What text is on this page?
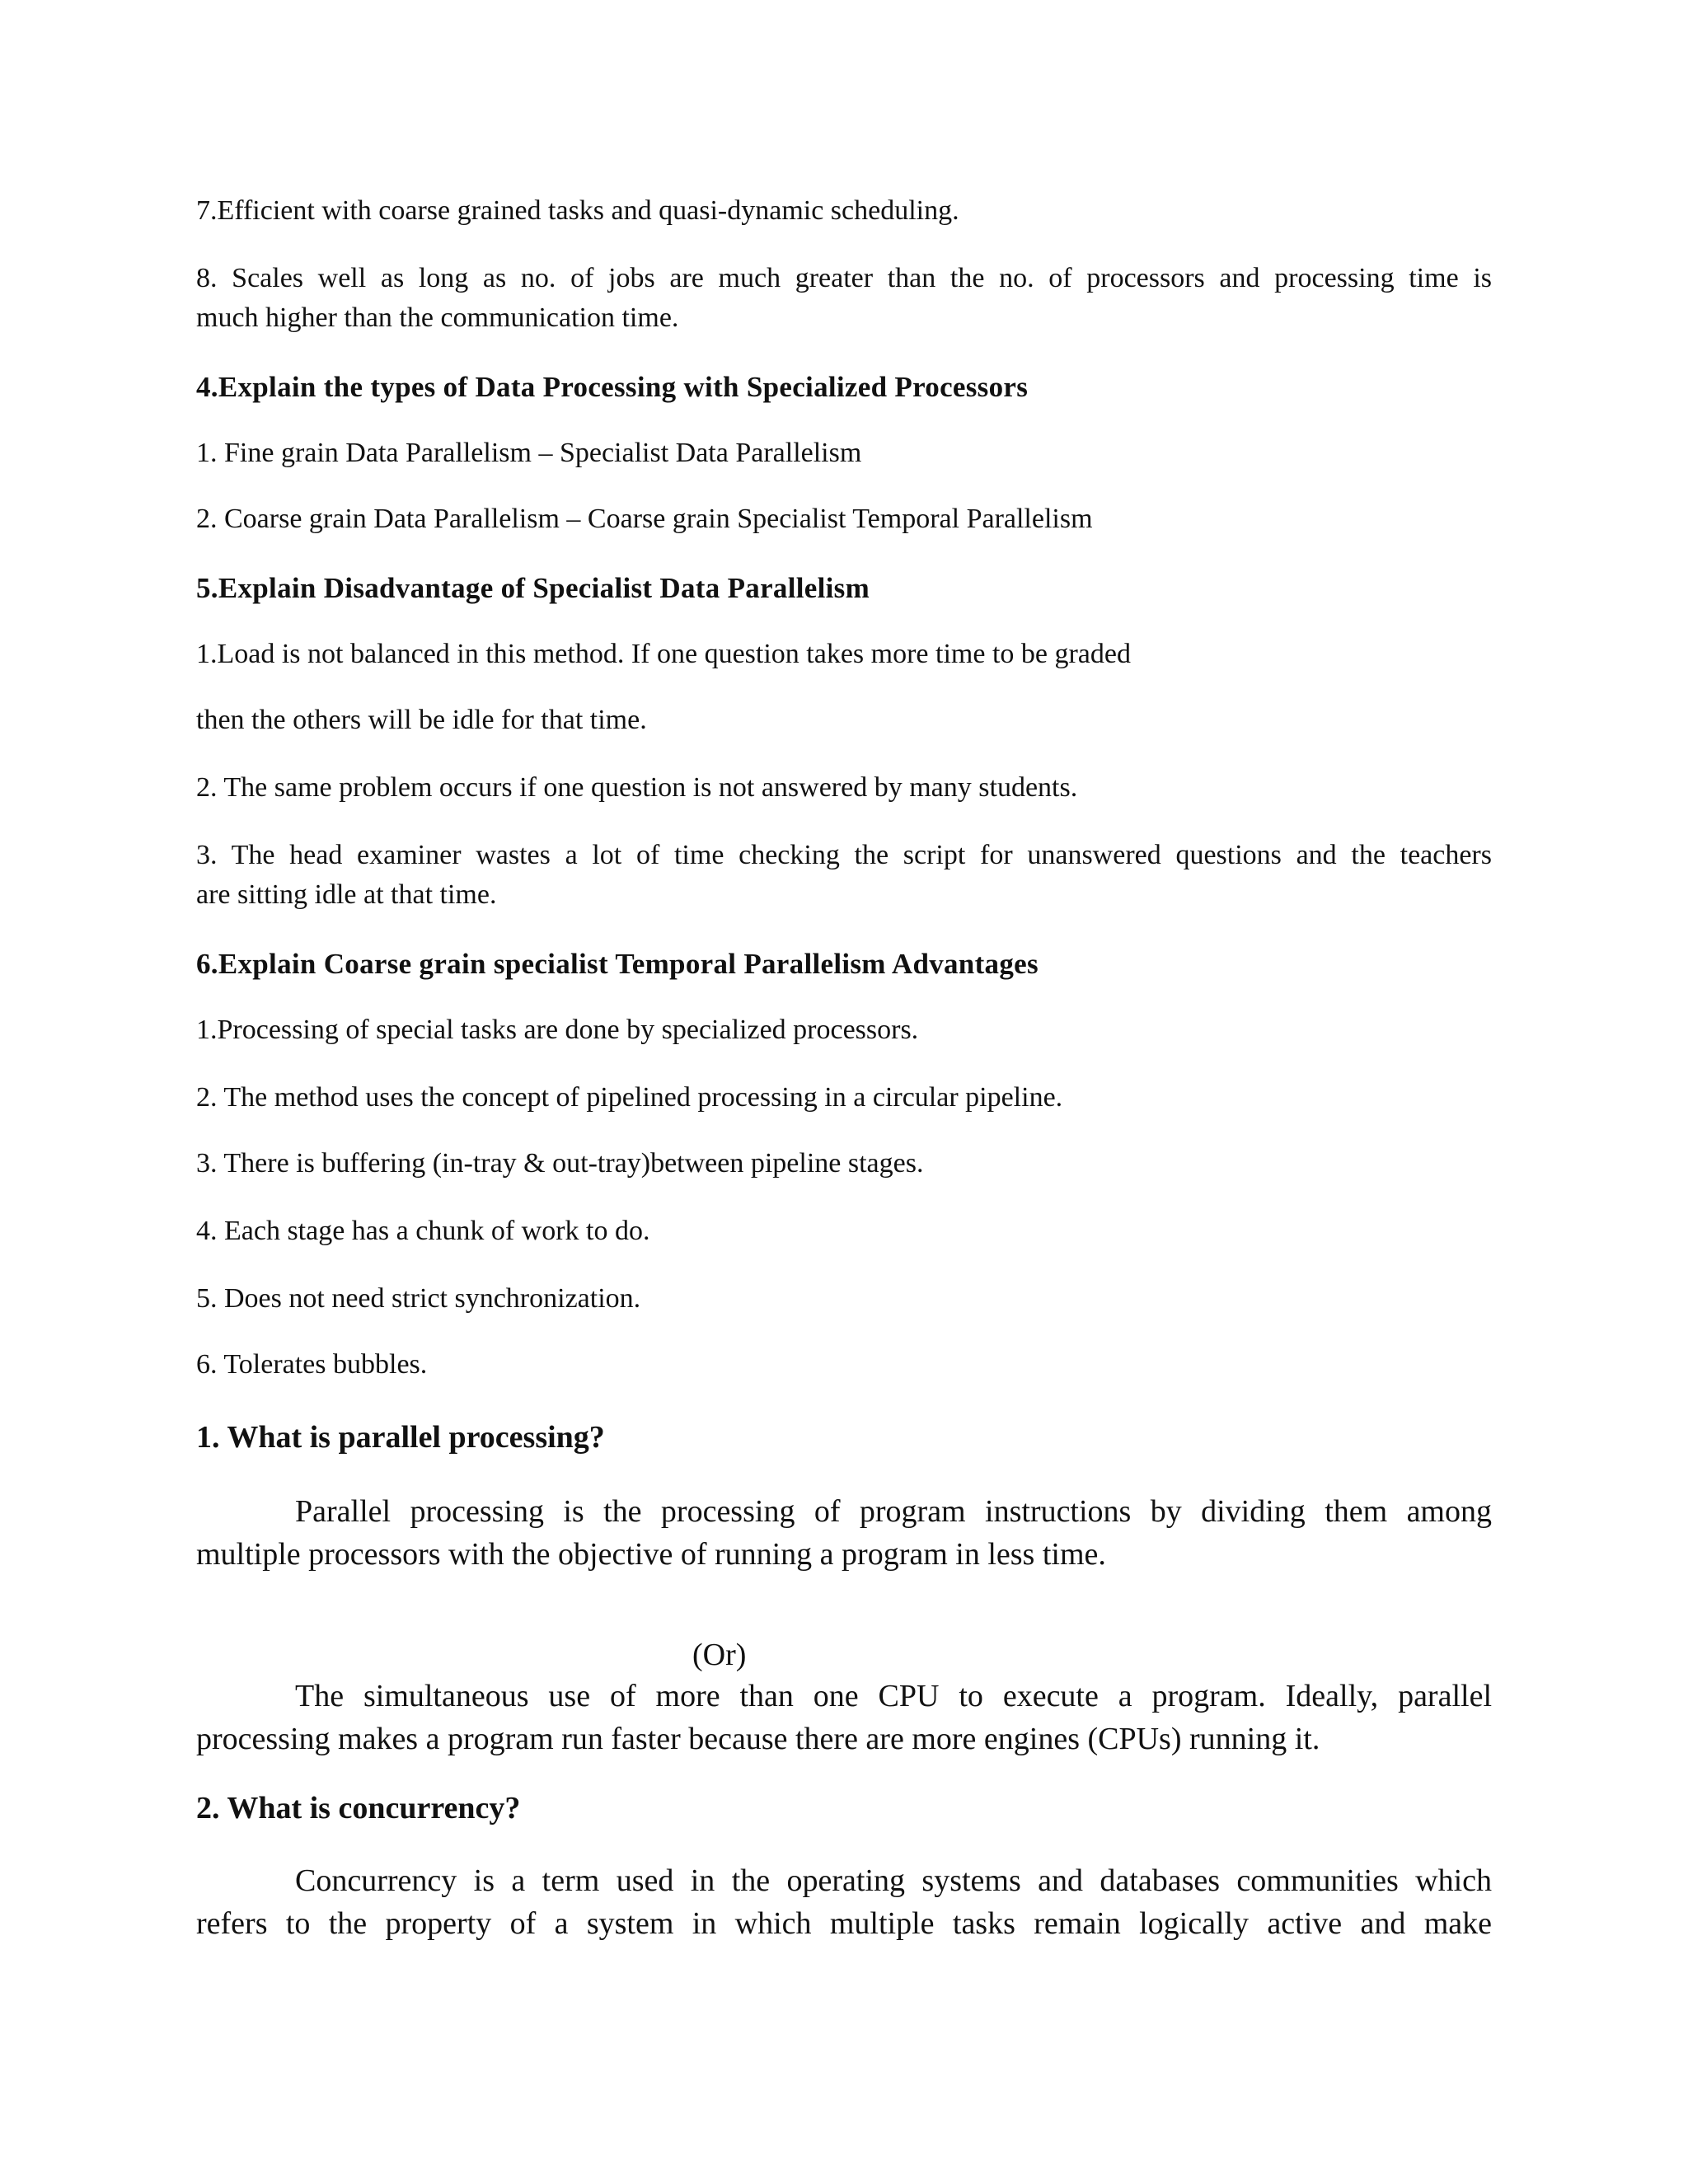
7.Efficient with coarse grained tasks and quasi-dynamic scheduling.

8. Scales well as long as no. of jobs are much greater than the no. of processors and processing time is

much higher than the communication time.

4.Explain the types of Data Processing with Specialized Processors

1. Fine grain Data Parallelism – Specialist Data Parallelism

2. Coarse grain Data Parallelism – Coarse grain Specialist Temporal Parallelism

5.Explain Disadvantage of Specialist Data Parallelism

1.Load is not balanced in this method. If one question takes more time to be graded

then the others will be idle for that time.

2. The same problem occurs if one question is not answered by many students.

3. The head examiner wastes a lot of time checking the script for unanswered questions and the teachers

are sitting idle at that time.

6.Explain Coarse grain specialist Temporal Parallelism Advantages

1.Processing of special tasks are done by specialized processors.

2. The method uses the concept of pipelined processing in a circular pipeline.

3. There is buffering (in-tray & out-tray)between pipeline stages.

4. Each stage has a chunk of work to do.

5. Does not need strict synchronization.

6. Tolerates bubbles.

1. What is parallel processing?

Parallel processing is the processing of program instructions by dividing them among

multiple processors with the objective of running a program in less time.

(Or)

The simultaneous use of more than one CPU to execute a program. Ideally, parallel

processing makes a program run faster because there are more engines (CPUs) running it.

2. What is concurrency?

Concurrency is a term used in the operating systems and databases communities which

refers to the property of a system in which multiple tasks remain logically active and make
